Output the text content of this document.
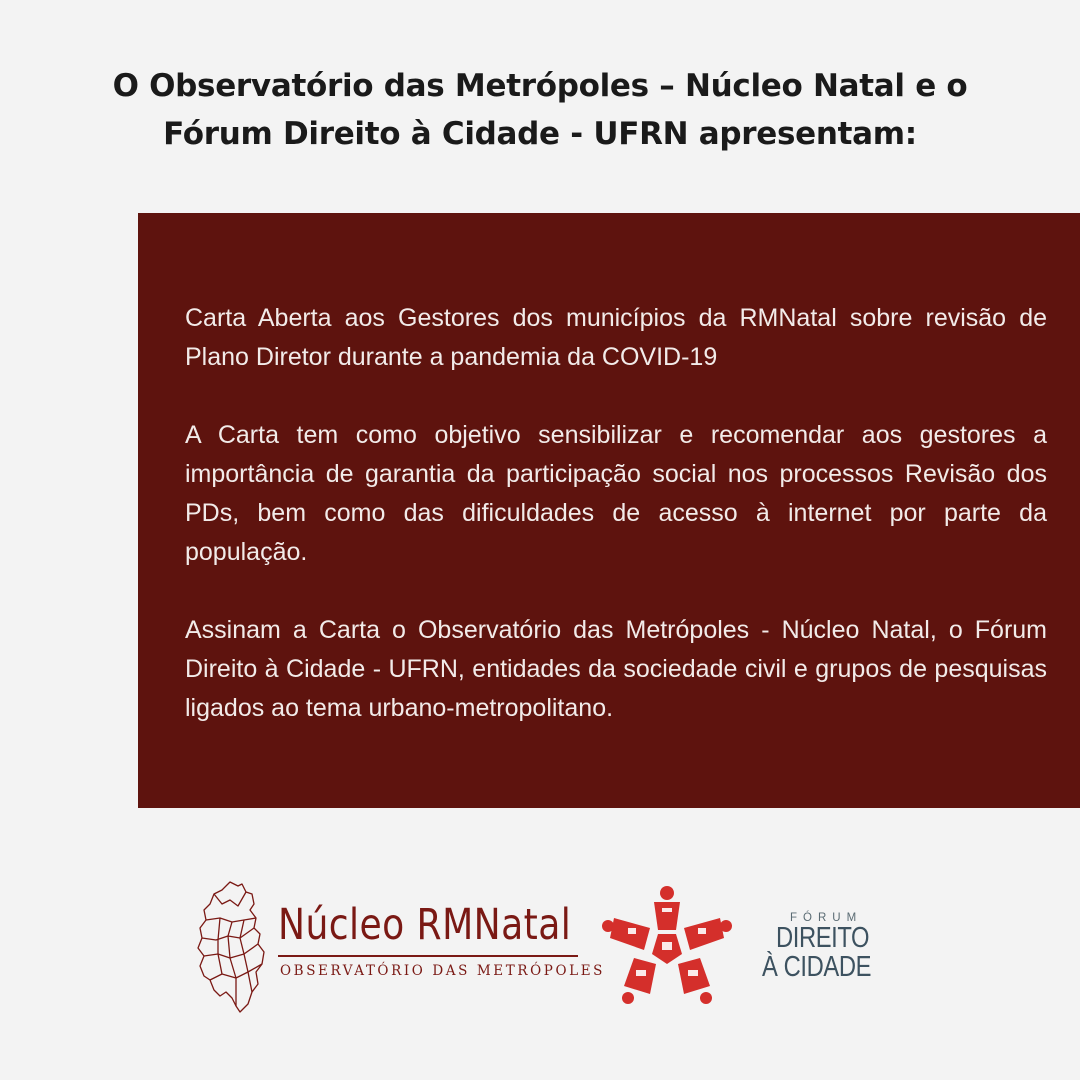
O Observatório das Metrópoles – Núcleo Natal e o
Fórum Direito à Cidade - UFRN apresentam:

Carta Aberta aos Gestores dos municípios da RMNatal sobre revisão de Plano Diretor durante a pandemia da COVID-19

A Carta tem como objetivo sensibilizar e recomendar aos gestores a importância de garantia da participação social nos processos Revisão dos PDs, bem como das dificuldades de acesso à internet por parte da população.

Assinam a Carta o Observatório das Metrópoles - Núcleo Natal, o Fórum Direito à Cidade - UFRN, entidades da sociedade civil e grupos de pesquisas ligados ao tema urbano-metropolitano.

Núcleo RMNatal
OBSERVATÓRIO DAS METRÓPOLES
FÓRUM
DIREITO
À CIDADE
